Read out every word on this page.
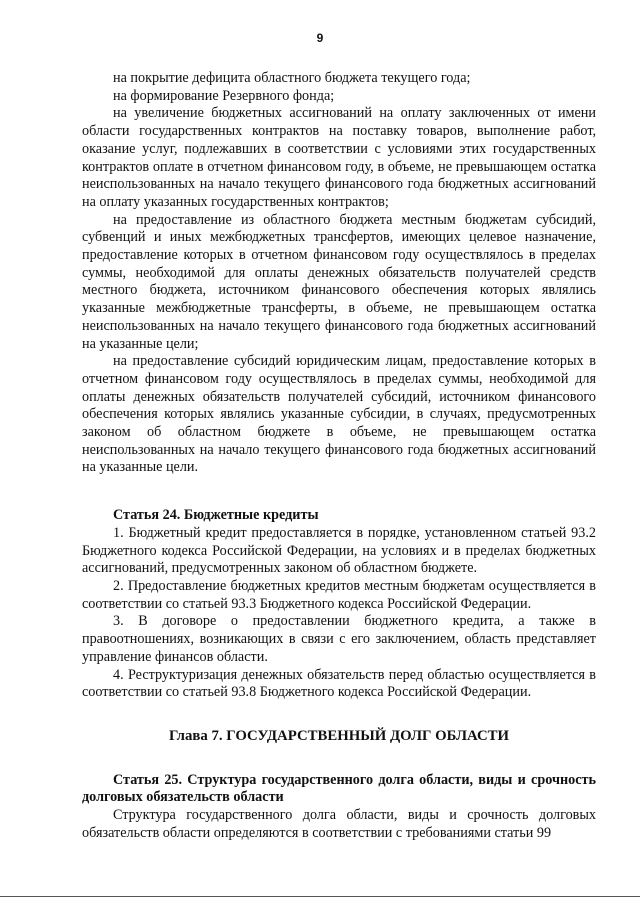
9

на покрытие дефицита областного бюджета текущего года;

на формирование Резервного фонда;

на увеличение бюджетных ассигнований на оплату заключенных от имени области государственных контрактов на поставку товаров, выполнение работ, оказание услуг, подлежавших в соответствии с условиями этих государственных контрактов оплате в отчетном финансовом году, в объеме, не превышающем остатка неиспользованных на начало текущего финансового года бюджетных ассигнований на оплату указанных государственных контрактов;

на предоставление из областного бюджета местным бюджетам субсидий, субвенций и иных межбюджетных трансфертов, имеющих целевое назначение, предоставление которых в отчетном финансовом году осуществлялось в пределах суммы, необходимой для оплаты денежных обязательств получателей средств местного бюджета, источником финансового обеспечения которых являлись указанные межбюджетные трансферты, в объеме, не превышающем остатка неиспользованных на начало текущего финансового года бюджетных ассигнований на указанные цели;

на предоставление субсидий юридическим лицам, предоставление которых в отчетном финансовом году осуществлялось в пределах суммы, необходимой для оплаты денежных обязательств получателей субсидий, источником финансового обеспечения которых являлись указанные субсидии, в случаях, предусмотренных законом об областном бюджете в объеме, не превышающем остатка неиспользованных на начало текущего финансового года бюджетных ассигнований на указанные цели.

Статья 24. Бюджетные кредиты

1. Бюджетный кредит предоставляется в порядке, установленном статьей 93.2 Бюджетного кодекса Российской Федерации, на условиях и в пределах бюджетных ассигнований, предусмотренных законом об областном бюджете.

2. Предоставление бюджетных кредитов местным бюджетам осуществляется в соответствии со статьей 93.3 Бюджетного кодекса Российской Федерации.

3. В договоре о предоставлении бюджетного кредита, а также в правоотношениях, возникающих в связи с его заключением, область представляет управление финансов области.

4. Реструктуризация денежных обязательств перед областью осуществляется в соответствии со статьей 93.8 Бюджетного кодекса Российской Федерации.

Глава 7. ГОСУДАРСТВЕННЫЙ ДОЛГ ОБЛАСТИ

Статья 25. Структура государственного долга области, виды и срочность долговых обязательств области

Структура государственного долга области, виды и срочность долговых обязательств области определяются в соответствии с требованиями статьи 99
